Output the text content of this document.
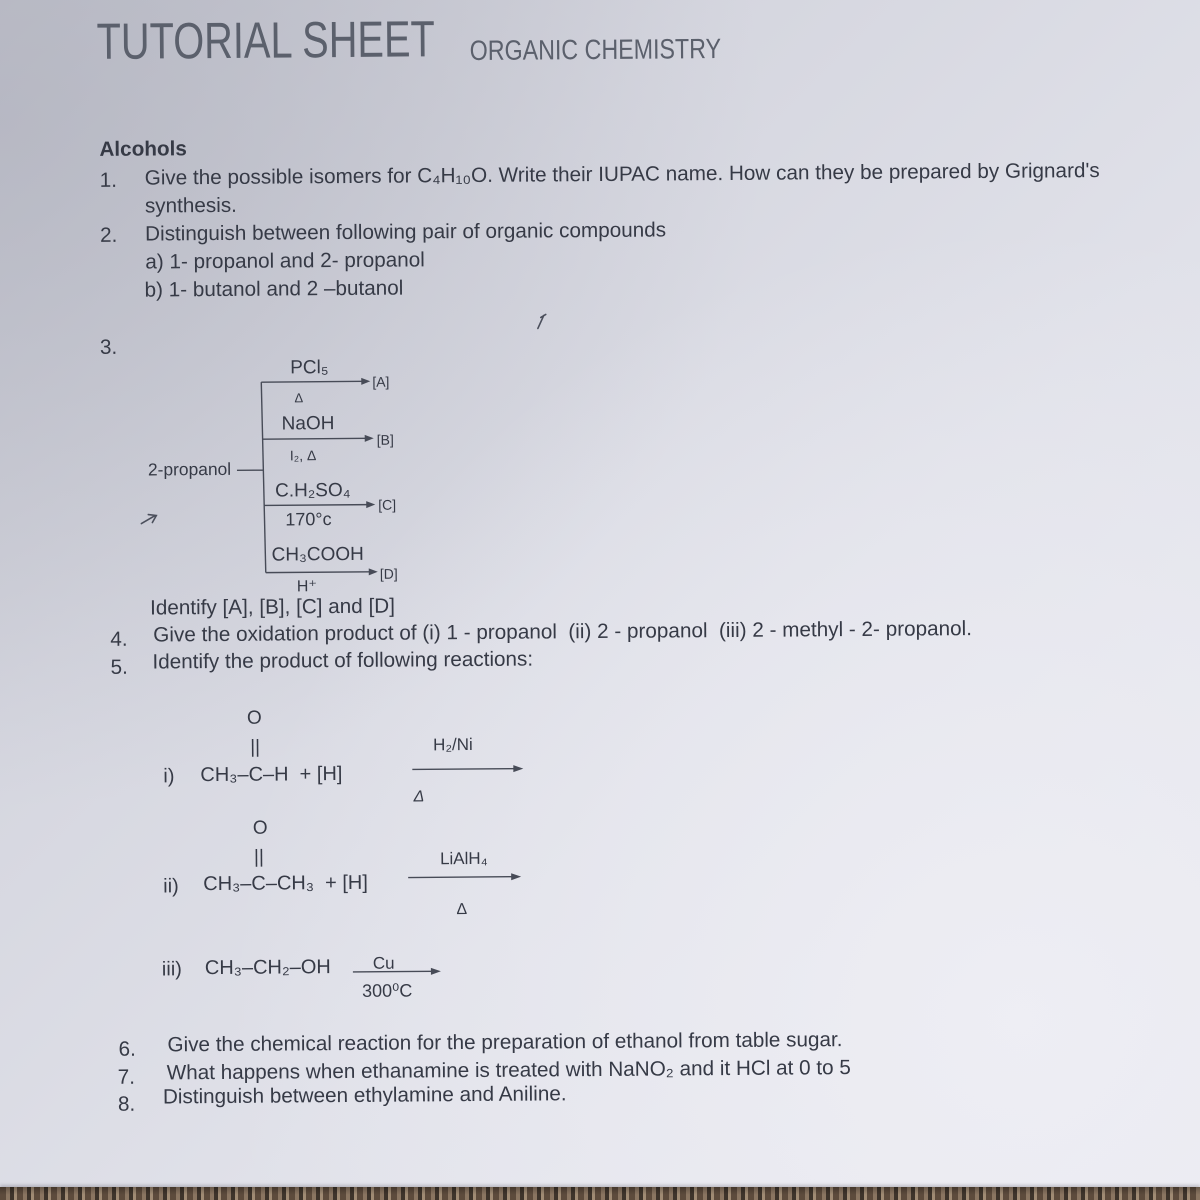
TUTORIAL SHEET ORGANIC CHEMISTRY
Alcohols
1. Give the possible isomers for C₄H₁₀O. Write their IUPAC name. How can they be prepared by Grignard's
synthesis.
2. Distinguish between following pair of organic compounds
a) 1- propanol and 2- propanol
b) 1- butanol and 2 –butanol
3.
PCl₅
[A]
Δ
NaOH
[B]
I₂, Δ
2-propanol
C.H₂SO₄
[C]
170°c
CH₃COOH
[D]
H⁺
Identify [A], [B], [C] and [D]
4. Give the oxidation product of (i) 1 - propanol  (ii) 2 - propanol  (iii) 2 - methyl - 2- propanol.
5. Identify the product of following reactions:
O
||
i) CH₃–C–H  + [H]
H₂/Ni
Δ
O
||
ii) CH₃–C–CH₃  + [H]
LiAlH₄
Δ
iii) CH₃–CH₂–OH Cu
300⁰C
6. Give the chemical reaction for the preparation of ethanol from table sugar.
7. What happens when ethanamine is treated with NaNO₂ and it HCl at 0 to 5
8. Distinguish between ethylamine and Aniline.
